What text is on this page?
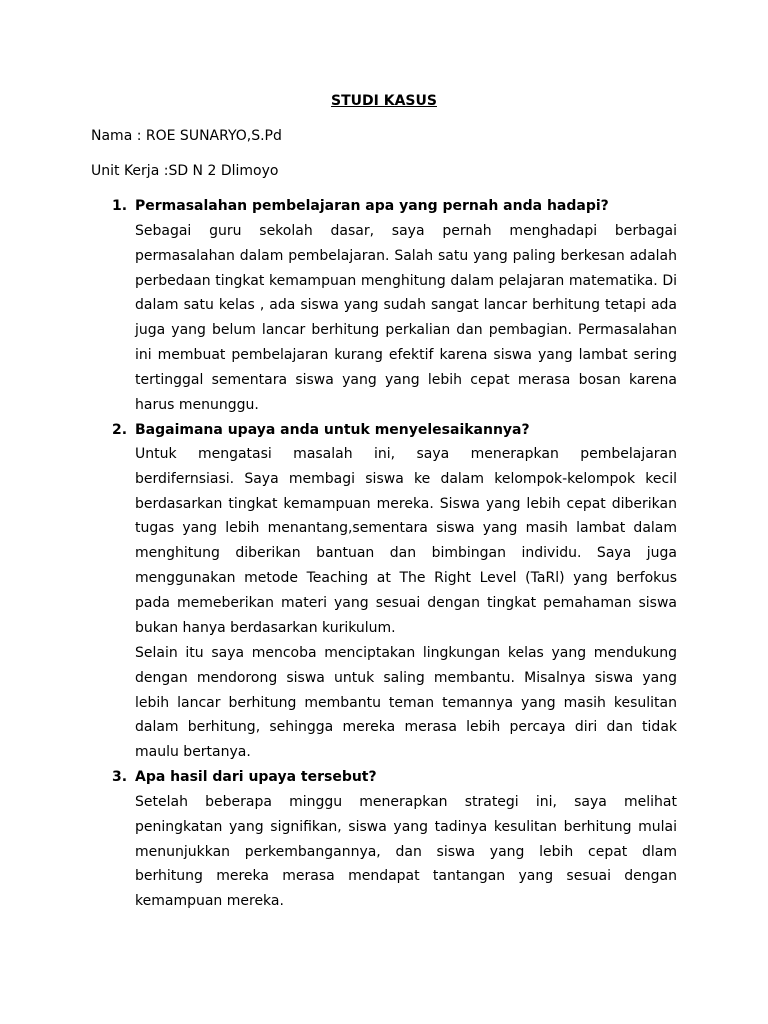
STUDI KASUS
Nama : ROE SUNARYO,S.Pd
Unit Kerja :SD N 2 Dlimoyo
1. Permasalahan pembelajaran apa yang pernah anda hadapi?

Sebagai guru sekolah dasar, saya pernah menghadapi berbagai permasalahan dalam pembelajaran. Salah satu yang paling berkesan adalah perbedaan tingkat kemampuan menghitung dalam pelajaran matematika. Di dalam satu kelas , ada siswa yang sudah sangat lancar berhitung tetapi ada juga yang belum lancar berhitung perkalian dan pembagian. Permasalahan ini membuat pembelajaran kurang efektif karena siswa yang lambat sering tertinggal sementara siswa yang yang lebih cepat merasa bosan karena harus menunggu.

2. Bagaimana upaya anda untuk menyelesaikannya?

Untuk mengatasi masalah ini, saya menerapkan pembelajaran berdifernsiasi. Saya membagi siswa ke dalam kelompok-kelompok kecil berdasarkan tingkat kemampuan mereka. Siswa yang lebih cepat diberikan tugas yang lebih menantang,sementara siswa yang masih lambat dalam menghitung diberikan bantuan dan bimbingan individu. Saya juga menggunakan metode Teaching at The Right Level (TaRl) yang berfokus pada memeberikan materi yang sesuai dengan tingkat pemahaman siswa bukan hanya berdasarkan kurikulum.

Selain itu saya mencoba menciptakan lingkungan kelas yang mendukung dengan mendorong siswa untuk saling membantu. Misalnya siswa yang lebih lancar berhitung membantu teman temannya yang masih kesulitan dalam berhitung, sehingga mereka merasa lebih percaya diri dan tidak maulu bertanya.

3. Apa hasil dari upaya tersebut?

Setelah beberapa minggu menerapkan strategi ini, saya melihat peningkatan yang signifikan, siswa yang tadinya kesulitan berhitung mulai menunjukkan perkembangannya, dan siswa yang lebih cepat dlam berhitung mereka merasa mendapat tantangan yang sesuai dengan kemampuan mereka.
